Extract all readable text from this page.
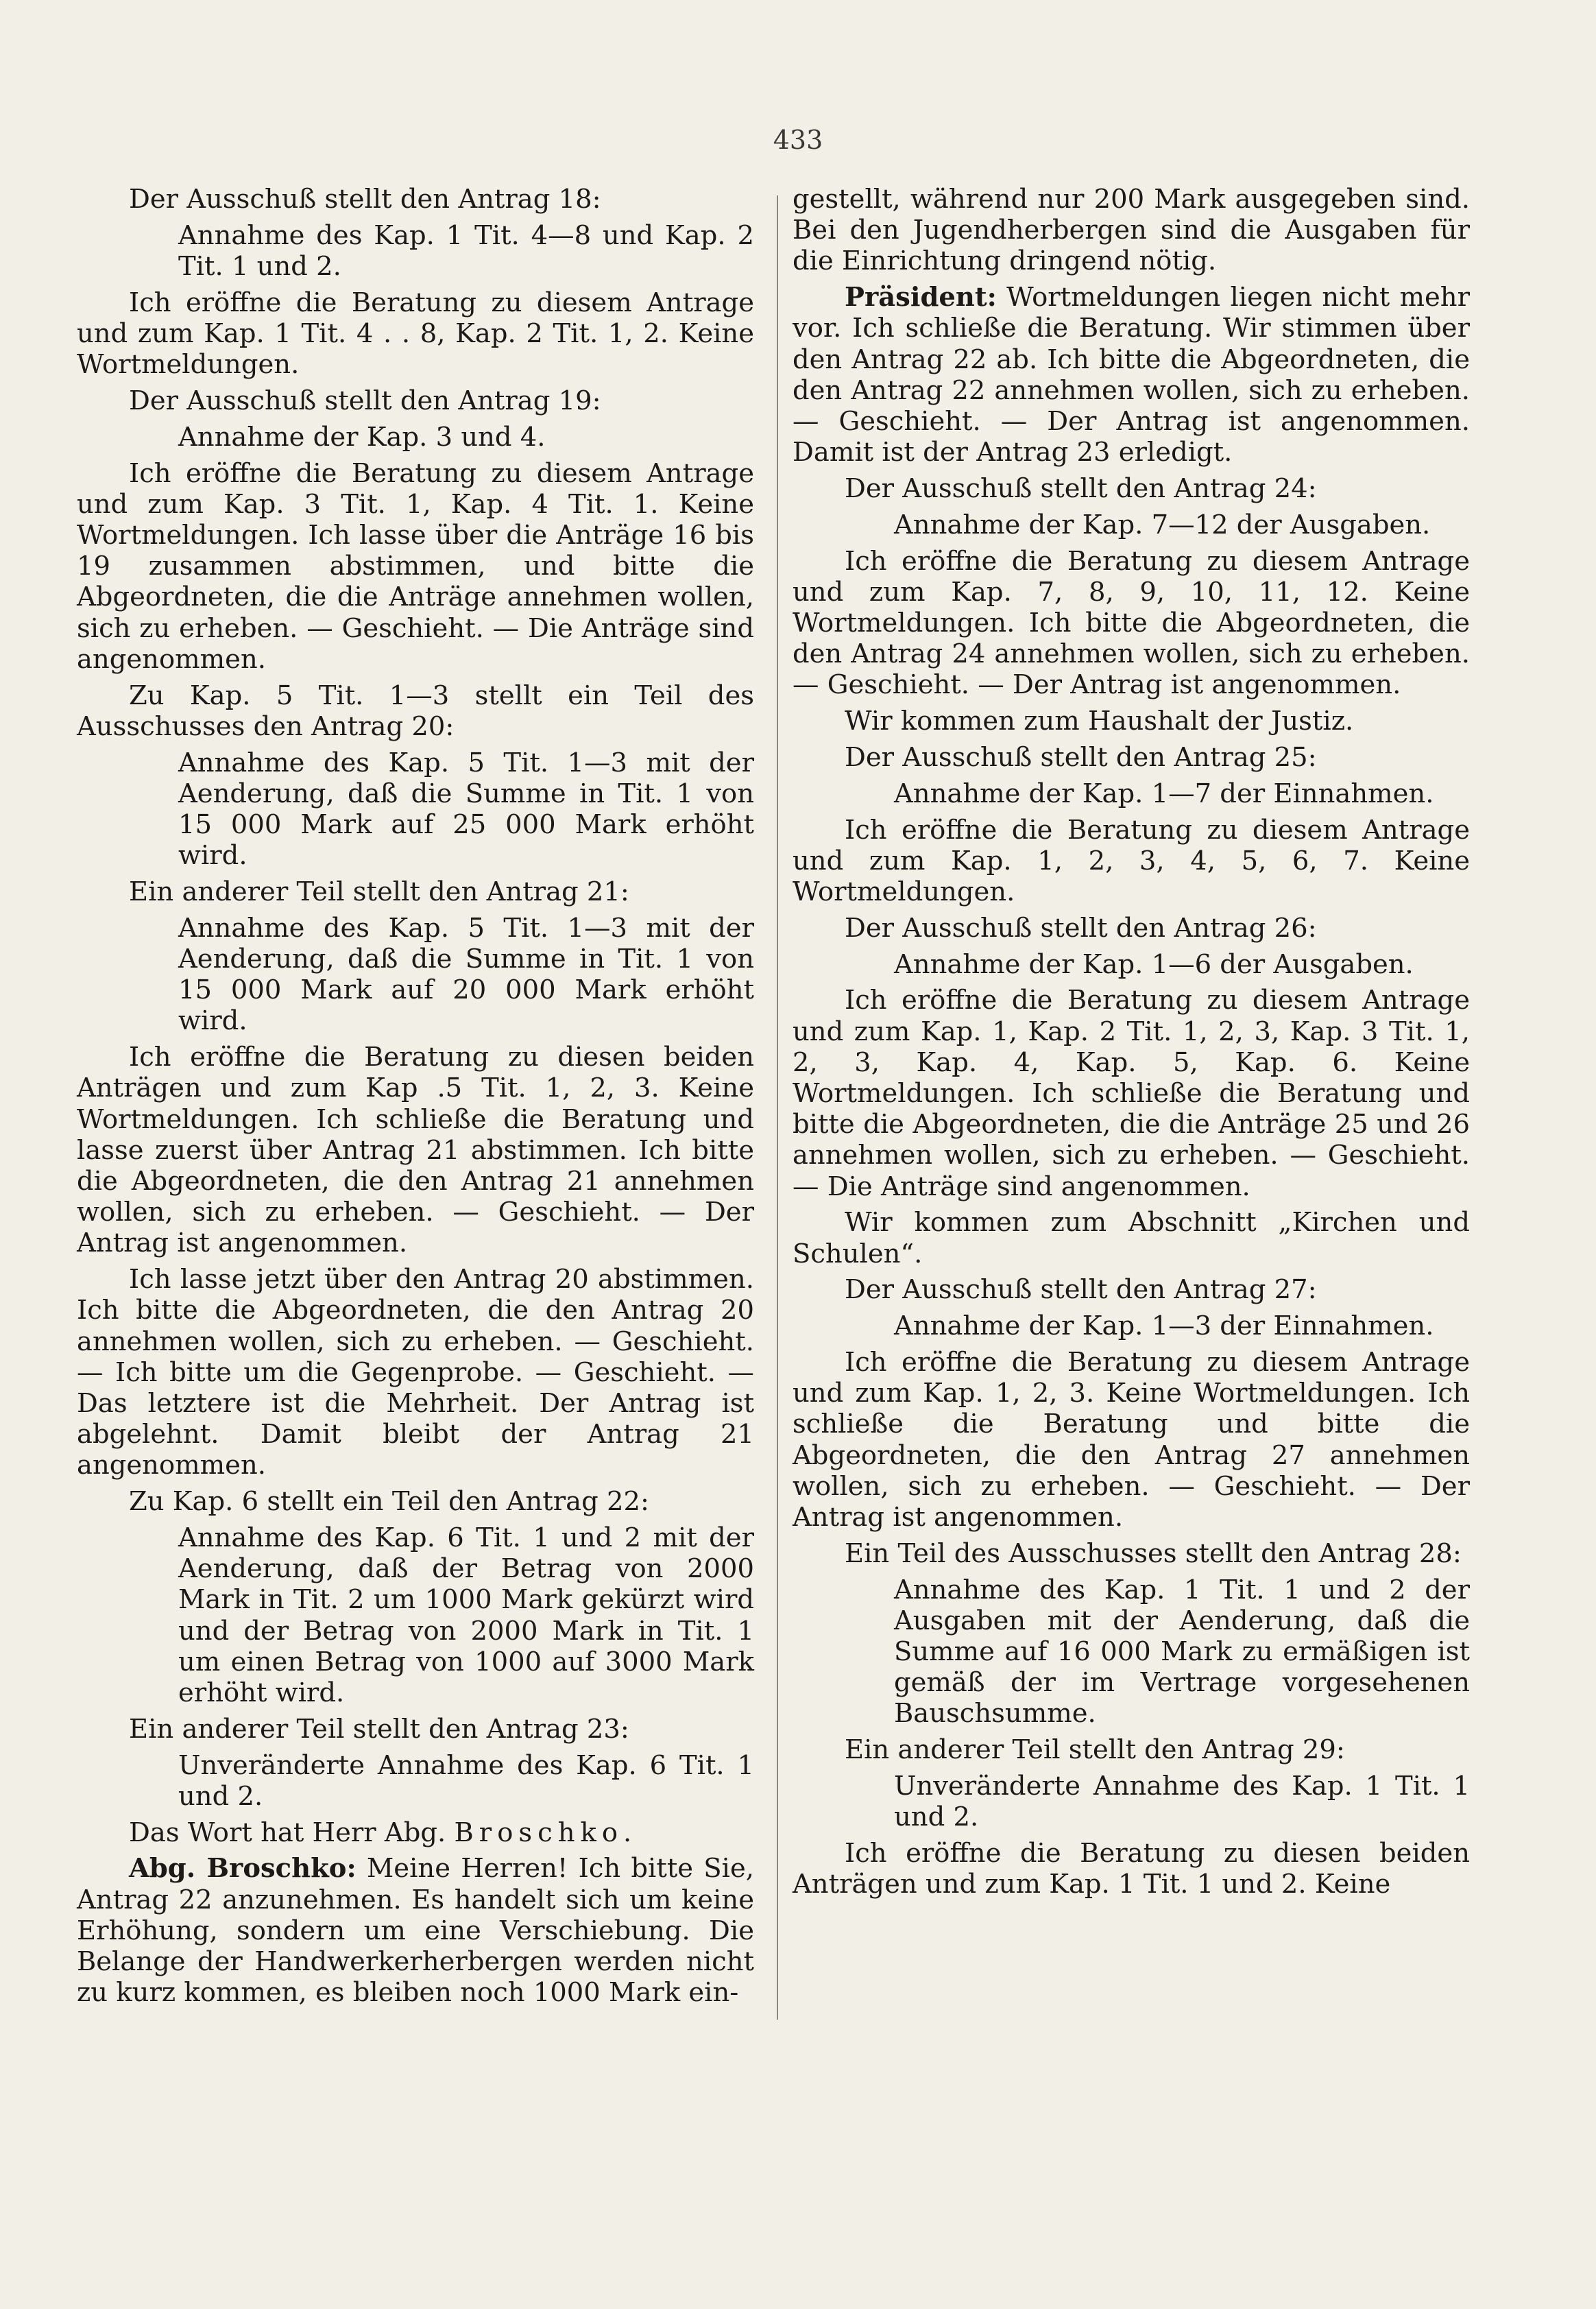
433

Der Ausschuß stellt den Antrag 18:

Annahme des Kap. 1 Tit. 4—8 und Kap. 2 Tit. 1 und 2.

Ich eröffne die Beratung zu diesem Antrage und zum Kap. 1 Tit. 4 . . 8, Kap. 2 Tit. 1, 2. Keine Wortmeldungen.

Der Ausschuß stellt den Antrag 19:

Annahme der Kap. 3 und 4.

Ich eröffne die Beratung zu diesem Antrage und zum Kap. 3 Tit. 1, Kap. 4 Tit. 1. Keine Wortmeldungen. Ich lasse über die Anträge 16 bis 19 zusammen abstimmen, und bitte die Abgeordneten, die die Anträge annehmen wollen, sich zu erheben. — Geschieht. — Die Anträge sind angenommen.

Zu Kap. 5 Tit. 1—3 stellt ein Teil des Ausschusses den Antrag 20:

Annahme des Kap. 5 Tit. 1—3 mit der Aenderung, daß die Summe in Tit. 1 von 15 000 Mark auf 25 000 Mark erhöht wird.

Ein anderer Teil stellt den Antrag 21:

Annahme des Kap. 5 Tit. 1—3 mit der Aenderung, daß die Summe in Tit. 1 von 15 000 Mark auf 20 000 Mark erhöht wird.

Ich eröffne die Beratung zu diesen beiden Anträgen und zum Kap .5 Tit. 1, 2, 3. Keine Wortmeldungen. Ich schließe die Beratung und lasse zuerst über Antrag 21 abstimmen. Ich bitte die Abgeordneten, die den Antrag 21 annehmen wollen, sich zu erheben. — Geschieht. — Der Antrag ist angenommen.

Ich lasse jetzt über den Antrag 20 abstimmen. Ich bitte die Abgeordneten, die den Antrag 20 annehmen wollen, sich zu erheben. — Geschieht. — Ich bitte um die Gegenprobe. — Geschieht. — Das letztere ist die Mehrheit. Der Antrag ist abgelehnt. Damit bleibt der Antrag 21 angenommen.

Zu Kap. 6 stellt ein Teil den Antrag 22:

Annahme des Kap. 6 Tit. 1 und 2 mit der Aenderung, daß der Betrag von 2000 Mark in Tit. 2 um 1000 Mark gekürzt wird und der Betrag von 2000 Mark in Tit. 1 um einen Betrag von 1000 auf 3000 Mark erhöht wird.

Ein anderer Teil stellt den Antrag 23:

Unveränderte Annahme des Kap. 6 Tit. 1 und 2.

Das Wort hat Herr Abg. Broschko.

Abg. Broschko: Meine Herren! Ich bitte Sie, Antrag 22 anzunehmen. Es handelt sich um keine Erhöhung, sondern um eine Verschiebung. Die Belange der Handwerkerherbergen werden nicht zu kurz kommen, es bleiben noch 1000 Mark ein-

gestellt, während nur 200 Mark ausgegeben sind. Bei den Jugendherbergen sind die Ausgaben für die Einrichtung dringend nötig.

Präsident: Wortmeldungen liegen nicht mehr vor. Ich schließe die Beratung. Wir stimmen über den Antrag 22 ab. Ich bitte die Abgeordneten, die den Antrag 22 annehmen wollen, sich zu erheben. — Geschieht. — Der Antrag ist angenommen. Damit ist der Antrag 23 erledigt.

Der Ausschuß stellt den Antrag 24:

Annahme der Kap. 7—12 der Ausgaben.

Ich eröffne die Beratung zu diesem Antrage und zum Kap. 7, 8, 9, 10, 11, 12. Keine Wortmeldungen. Ich bitte die Abgeordneten, die den Antrag 24 annehmen wollen, sich zu erheben. — Geschieht. — Der Antrag ist angenommen.

Wir kommen zum Haushalt der Justiz.

Der Ausschuß stellt den Antrag 25:

Annahme der Kap. 1—7 der Einnahmen.

Ich eröffne die Beratung zu diesem Antrage und zum Kap. 1, 2, 3, 4, 5, 6, 7. Keine Wortmeldungen.

Der Ausschuß stellt den Antrag 26:

Annahme der Kap. 1—6 der Ausgaben.

Ich eröffne die Beratung zu diesem Antrage und zum Kap. 1, Kap. 2 Tit. 1, 2, 3, Kap. 3 Tit. 1, 2, 3, Kap. 4, Kap. 5, Kap. 6. Keine Wortmeldungen. Ich schließe die Beratung und bitte die Abgeordneten, die die Anträge 25 und 26 annehmen wollen, sich zu erheben. — Geschieht. — Die Anträge sind angenommen.

Wir kommen zum Abschnitt „Kirchen und Schulen“.

Der Ausschuß stellt den Antrag 27:

Annahme der Kap. 1—3 der Einnahmen.

Ich eröffne die Beratung zu diesem Antrage und zum Kap. 1, 2, 3. Keine Wortmeldungen. Ich schließe die Beratung und bitte die Abgeordneten, die den Antrag 27 annehmen wollen, sich zu erheben. — Geschieht. — Der Antrag ist angenommen.

Ein Teil des Ausschusses stellt den Antrag 28:

Annahme des Kap. 1 Tit. 1 und 2 der Ausgaben mit der Aenderung, daß die Summe auf 16 000 Mark zu ermäßigen ist gemäß der im Vertrage vorgesehenen Bauschsumme.

Ein anderer Teil stellt den Antrag 29:

Unveränderte Annahme des Kap. 1 Tit. 1 und 2.

Ich eröffne die Beratung zu diesen beiden Anträgen und zum Kap. 1 Tit. 1 und 2. Keine
